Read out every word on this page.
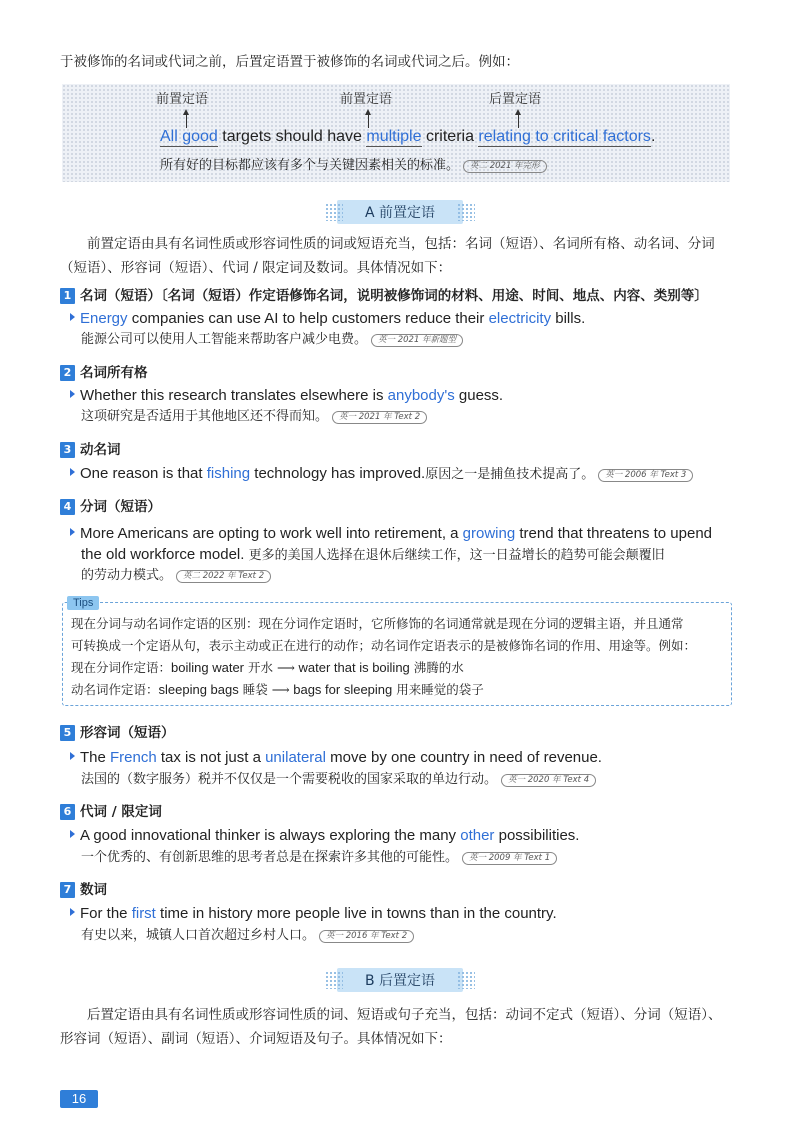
于被修饰的名词或代词之前，后置定语置于被修饰的名词或代词之后。例如：
前置定语	前置定语	后置定语
All good targets should have multiple criteria relating to critical factors.
所有好的目标都应该有多个与关键因素相关的标准。 英二 2021 年完形
A 前置定语
前置定语由具有名词性质或形容词性质的词或短语充当，包括：名词（短语）、名词所有格、动名词、分词
（短语）、形容词（短语）、代词 / 限定词及数词。具体情况如下：
1 名词（短语）〔名词（短语）作定语修饰名词，说明被修饰词的材料、用途、时间、地点、内容、类别等〕
Energy companies can use AI to help customers reduce their electricity bills.
能源公司可以使用人工智能来帮助客户减少电费。 英一 2021 年新题型
2 名词所有格
Whether this research translates elsewhere is anybody's guess.
这项研究是否适用于其他地区还不得而知。 英一 2021 年 Text 2
3 动名词
One reason is that fishing technology has improved.原因之一是捕鱼技术提高了。 英一 2006 年 Text 3
4 分词（短语）
More Americans are opting to work well into retirement, a growing trend that threatens to upend
the old workforce model. 更多的美国人选择在退休后继续工作，这一日益增长的趋势可能会颠覆旧
的劳动力模式。 英二 2022 年 Text 2
Tips
现在分词与动名词作定语的区别：现在分词作定语时，它所修饰的名词通常就是现在分词的逻辑主语，并且通常
可转换成一个定语从句，表示主动或正在进行的动作；动名词作定语表示的是被修饰名词的作用、用途等。例如：
现在分词作定语：boiling water 开水 ⟶ water that is boiling 沸腾的水
动名词作定语：sleeping bags 睡袋 ⟶ bags for sleeping 用来睡觉的袋子
5 形容词（短语）
The French tax is not just a unilateral move by one country in need of revenue.
法国的（数字服务）税并不仅仅是一个需要税收的国家采取的单边行动。 英一 2020 年 Text 4
6 代词 / 限定词
A good innovational thinker is always exploring the many other possibilities.
一个优秀的、有创新思维的思考者总是在探索许多其他的可能性。 英一 2009 年 Text 1
7 数词
For the first time in history more people live in towns than in the country.
有史以来，城镇人口首次超过乡村人口。 英一 2016 年 Text 2
B 后置定语
后置定语由具有名词性质或形容词性质的词、短语或句子充当，包括：动词不定式（短语）、分词（短语）、
形容词（短语）、副词（短语）、介词短语及句子。具体情况如下：
16
